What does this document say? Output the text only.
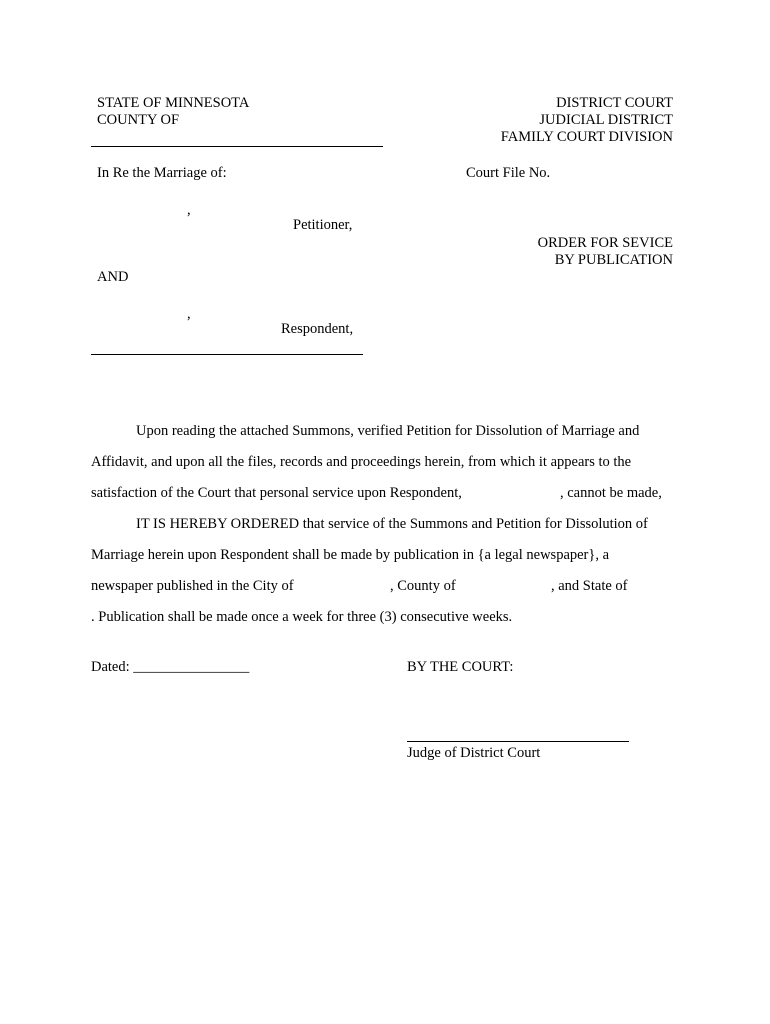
STATE OF MINNESOTA
COUNTY OF
DISTRICT COURT
JUDICIAL DISTRICT
FAMILY COURT DIVISION
In Re the Marriage of:	Court File No.
,
Petitioner,
ORDER FOR SEVICE
BY PUBLICATION
AND
,
Respondent,
Upon reading the attached Summons, verified Petition for Dissolution of Marriage and
Affidavit, and upon all the files, records and proceedings herein, from which it appears to the
satisfaction of the Court that personal service upon Respondent,	, cannot be made,
IT IS HEREBY ORDERED that service of the Summons and Petition for Dissolution of
Marriage herein upon Respondent shall be made by publication in {a legal newspaper}, a
newspaper published in the City of	, County of	, and State of
. Publication shall be made once a week for three (3) consecutive weeks.
Dated: ________________	BY THE COURT:
Judge of District Court
